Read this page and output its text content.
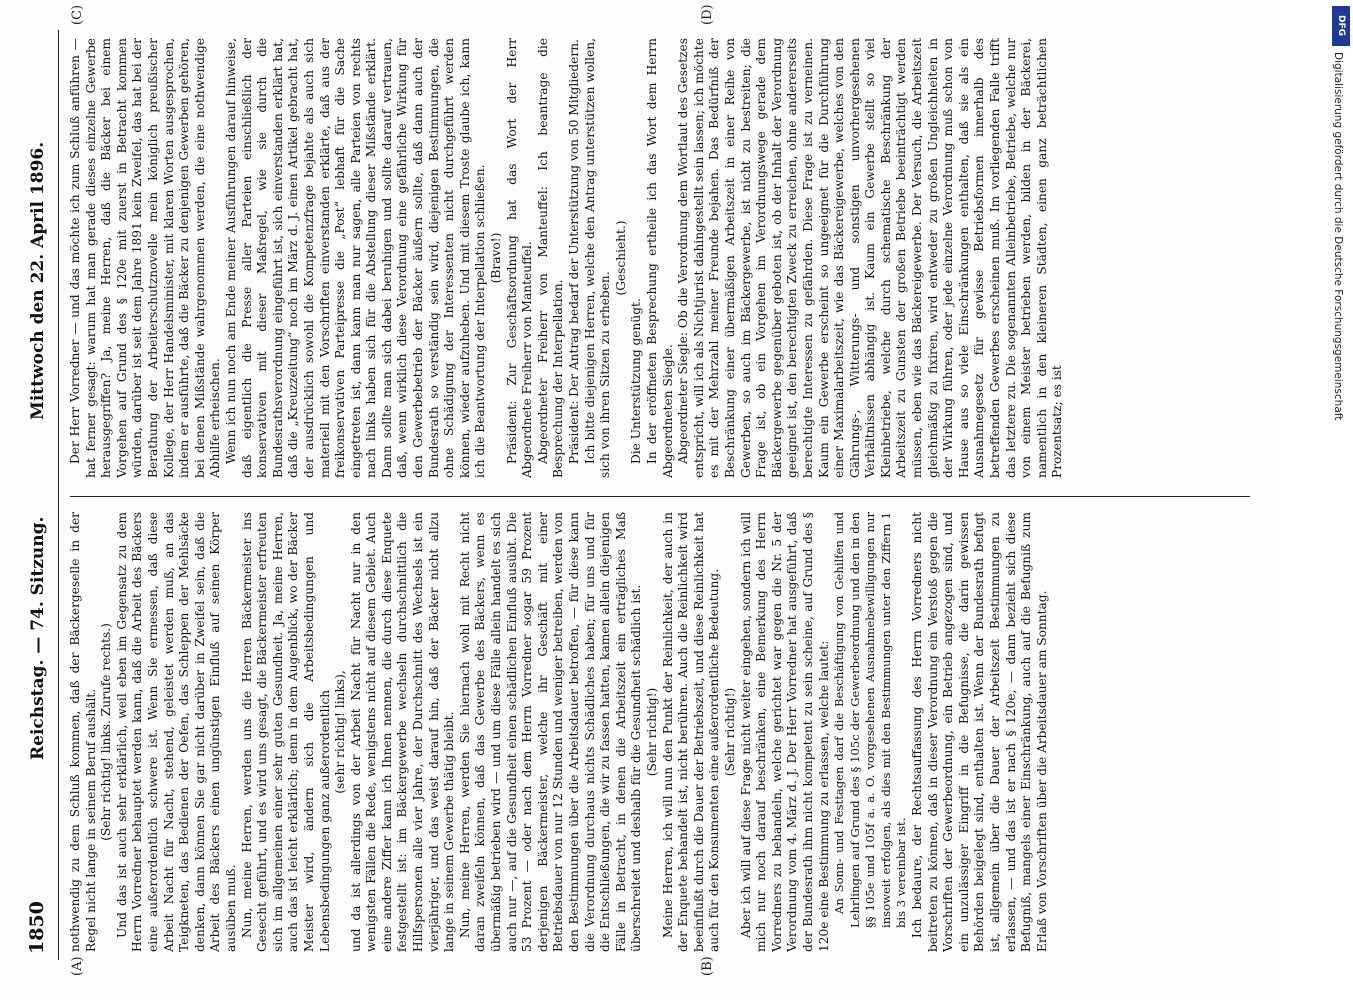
1850
Reichstag. — 74. Sitzung.
Mittwoch den 22. April 1896.
(A)	(B)
(C)	(D)

nothwendig zu dem Schluß kommen, daß der Bäckergeselle in der Regel nicht lange in seinem Beruf aushält. (Sehr richtig! links. Zurufe rechts.) Und das ist auch sehr erklärlich, weil eben im Gegensatz zu dem Herrn Vorredner behauptet werden kann, daß die Arbeit des Bäckers eine außerordentlich schwere ist. Wenn Sie ermessen, daß diese Arbeit Nacht für Nacht, stehend, geleistet werden muß, an das Teigkneten, das Bedienen der Oefen, das Schleppen der Mehlsäcke denken, dann können Sie gar nicht darüber in Zweifel sein, daß die Arbeit des Bäckers einen ungünstigen Einfluß auf seinen Körper ausüben muß. Nun, meine Herren, werden uns die Herren Bäckermeister ins Gesecht geführt, und es wird uns gesagt, die Bäckermeister erfreuten sich im allgemeinen einer sehr guten Gesundheit. Ja, meine Herren, auch das ist leicht erklärlich; denn in dem Augenblick, wo der Bäcker Meister wird, ändern sich die Arbeitsbedingungen und Lebensbedingungen ganz außerordentlich (sehr richtig! links), und da ist allerdings von der Arbeit Nacht für Nacht nur in den wenigsten Fällen die Rede, wenigstens nicht auf diesem Gebiet. Auch eine andere Ziffer kann ich Ihnen nennen, die durch diese Enquete festgestellt ist: im Bäckergewerbe wechseln durchschnittlich die Hilfspersonen alle vier Jahre, der Durchschnitt des Wechsels ist ein vierjähriger, und das weist darauf hin, daß der Bäcker nicht allzu lange in seinem Gewerbe thätig bleibt. Nun, meine Herren, werden Sie hiernach wohl mit Recht nicht daran zweifeln können, daß das Gewerbe des Bäckers, wenn es übermäßig betrieben wird — und um diese Fälle allein handelt es sich auch nur —, auf die Gesundheit einen schädlichen Einfluß ausübt. Die 53 Prozent — oder nach dem Herrn Vorredner sogar 59 Prozent derjenigen Bäckermeister, welche ihr Geschäft mit einer Betriebsdauer von nur 12 Stunden und weniger betreiben, werden von den Bestimmungen über die Arbeitsdauer betroffen, — für diese kann die Verordnung durchaus nichts Schädliches haben; für uns und für die Entschließungen, die wir zu fassen hatten, kamen allein diejenigen Fälle in Betracht, in denen die Arbeitszeit ein erträgliches Maß überschreitet und deshalb für die Gesundheit schädlich ist. (Sehr richtig!) Meine Herren, ich will nun den Punkt der Reinlichkeit, der auch in der Enquete behandelt ist, nicht berühren. Auch die Reinlichkeit wird beeinflußt durch die Dauer der Betriebszeit, und diese Reinlichkeit hat auch für den Konsumenten eine außerordentliche Bedeutung. (Sehr richtig!) Aber ich will auf diese Frage nicht weiter eingehen, sondern ich will mich nur noch darauf beschränken, eine Bemerkung des Herrn Vorredners zu behandeln, welche gerichtet war gegen die Nr. 5 der Verordnung vom 4. März d. J. Der Herr Vorredner hat ausgeführt, daß der Bundesrath ihm nicht kompetent zu sein scheine, auf Grund des § 120e eine Bestimmung zu erlassen, welche lautet: An Sonn- und Festtagen darf die Beschäftigung von Gehilfen und Lehrlingen auf Grund des § 105c der Gewerbeordnung und den in den §§ 105e und 105f a. a. O. vorgesehenen Ausnahmebewilligungen nur insoweit erfolgen, als dies mit den Bestimmungen unter den Ziffern 1 bis 3 vereinbar ist. Ich bedaure, der Rechtsauffassung des Herrn Vorredners nicht beitreten zu können, daß in dieser Verordnung ein Verstoß gegen die Vorschriften der Gewerbeordnung, ein Betrieb angezogen sind, und ein unzulässiger Eingriff in die Befugnisse, die darin gewissen Behörden beigelegt sind, enthalten ist. Wenn der Bundesrath befugt ist, allgemein über die Dauer der Arbeitszeit Bestimmungen zu erlassen, — und das ist er nach § 120e, — dann bezieht sich diese Befugniß, mangels einer Einschränkung, auch auf die Befugniß zum Erlaß von Vorschriften über die Arbeitsdauer am Sonntag.

Der Herr Vorredner — und das möchte ich zum Schluß anführen — hat ferner gesagt: warum hat man gerade dieses einzelne Gewerbe herausgegriffen? Ja, meine Herren, daß die Bäcker bei einem Vorgehen auf Grund des § 120e mit zuerst in Betracht kommen würden, darüber ist seit dem Jahre 1891 kein Zweifel, das hat bei der Berathung der Arbeiterschutznovelle mein königlich preußischer Kollege, der Herr Handelsminister, mit klaren Worten ausgesprochen, indem er ausführte, daß die Bäcker zu denjenigen Gewerben gehören, bei denen Mißstände wahrgenommen werden, die eine nothwendige Abhilfe erheischen. Wenn ich nun noch am Ende meiner Ausführungen darauf hinweise, daß eigentlich die Presse aller Parteien einschließlich der konservativen mit dieser Maßregel, wie sie durch die Bundesrathsverordnung eingeführt ist, sich einverstanden erklärt hat, daß die „Kreuzzeitung“ noch im März d. J. einen Artikel gebracht hat, der ausdrücklich sowohl die Kompetenzfrage bejahte als auch sich materiell mit den Vorschriften einverstanden erklärte, daß aus der freikonservativen Parteipresse die „Post“ lebhaft für die Sache eingetreten ist, dann kann man nur sagen, alle Parteien von rechts nach links haben sich für die Abstellung dieser Mißstände erklärt. Dann sollte man sich dabei beruhigen und sollte darauf vertrauen, daß, wenn wirklich diese Verordnung eine gefährliche Wirkung für den Gewerbebetrieb der Bäcker äußern sollte, daß dann auch der Bundesrath so verständig sein wird, diejenigen Bestimmungen, die ohne Schädigung der Interessenten nicht durchgeführt werden können, wieder aufzuheben. Und mit diesem Troste glaube ich, kann ich die Beantwortung der Interpellation schließen. (Bravo!) Präsident: Zur Geschäftsordnung hat das Wort der Herr Abgeordnete Freiherr von Manteuffel. Abgeordneter Freiherr von Manteuffel: Ich beantrage die Besprechung der Interpellation. Präsident: Der Antrag bedarf der Unterstützung von 50 Mitgliedern. Ich bitte diejenigen Herren, welche den Antrag unterstützen wollen, sich von ihren Sitzen zu erheben.

(Geschieht.)

Die Unterstützung genügt. In der eröffneten Besprechung ertheile ich das Wort dem Herrn Abgeordneten Siegle. Abgeordneter Siegle: Ob die Verordnung dem Wortlaut des Gesetzes entspricht, will ich als Nichtjurist dahingestellt sein lassen; ich möchte es mit der Mehrzahl meiner Freunde bejahen. Das Bedürfniß der Beschränkung einer übermäßigen Arbeitszeit in einer Reihe von Gewerben, so auch im Bäckergewerbe, ist nicht zu bestreiten; die Frage ist, ob ein Vorgehen im Verordnungswege gerade dem Bäckergewerbe gegenüber geboten ist, ob der Inhalt der Verordnung geeignet ist, den berechtigten Zweck zu erreichen, ohne andererseits berechtigte Interessen zu gefährden. Diese Frage ist zu verneinen. Kaum ein Gewerbe erscheint so ungeeignet für die Durchführung einer Maximalarbeitszeit, wie das Bäckereigewerbe, welches von den Gährungs-, Witterungs- und sonstigen unvorhergesehenen Verhältnissen abhängig ist. Kaum ein Gewerbe stellt so viel Kleinbetriebe, welche durch schematische Beschränkung der Arbeitszeit zu Gunsten der großen Betriebe beeinträchtigt werden müssen, eben wie das Bäckereigewerbe. Der Versuch, die Arbeitszeit gleichmäßig zu fixiren, wird entweder zu großen Ungleichheiten in der Wirkung führen, oder jede einzelne Verordnung muß schon von Hause aus so viele Einschränkungen enthalten, daß sie als ein Ausnahmegesetz für gewisse Betriebsformen innerhalb des betreffenden Gewerbes erscheinen muß. Im vorliegenden Falle trifft das letztere zu. Die sogenannten Alleinbetriebe, Betriebe, welche nur von einem Meister betrieben werden, bilden in der Bäckerei, namentlich in den kleineren Städten, einen ganz beträchtlichen Prozentsatz; es ist

DFG
Digitalisierung gefördert durch die Deutsche Forschungsgemeinschaft
